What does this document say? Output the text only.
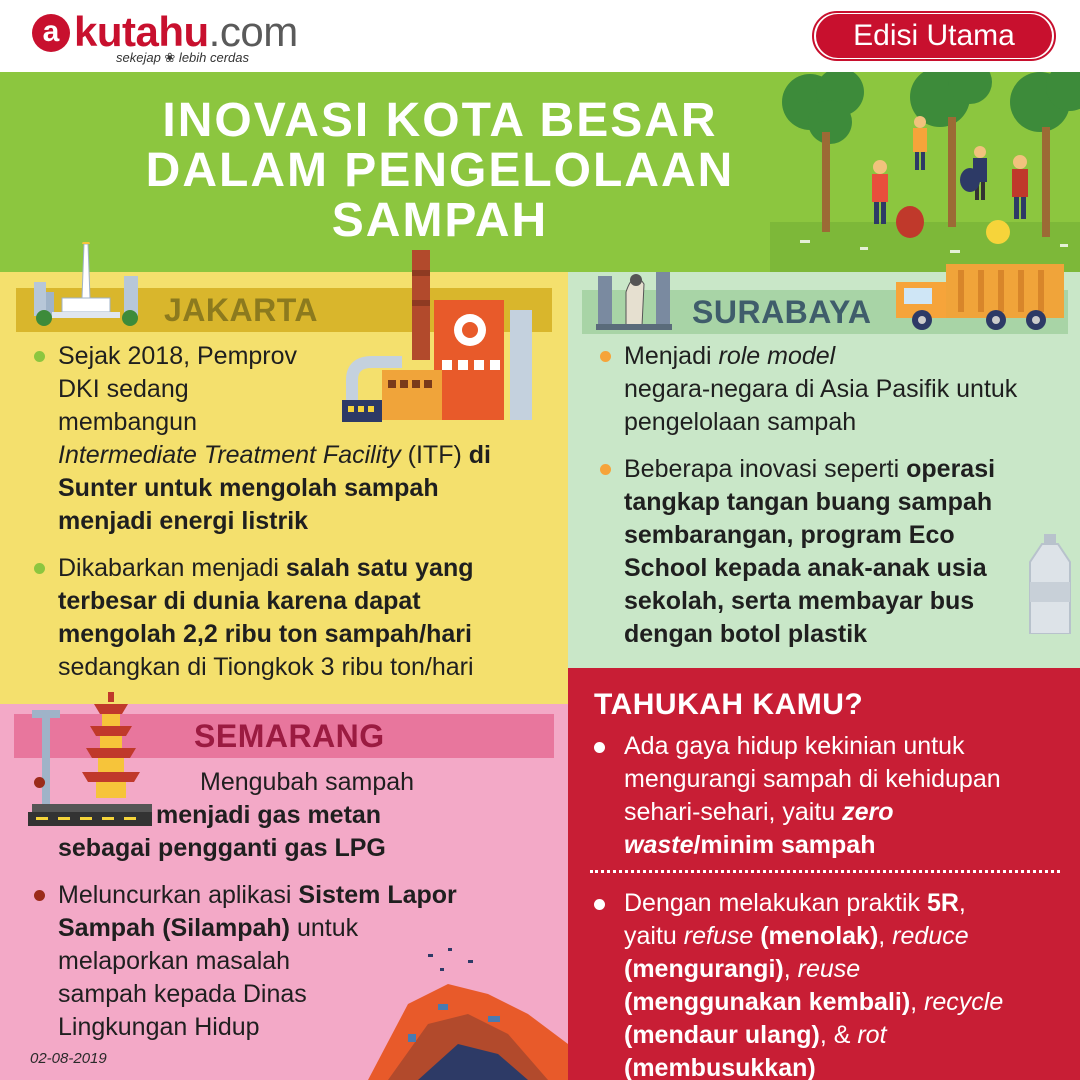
a kutahu.com
sekejap ❀ lebih cerdas
Edisi Utama
INOVASI KOTA BESAR
DALAM PENGELOLAAN
SAMPAH
JAKARTA
Sejak 2018, Pemprov
DKI sedang
membangun
Intermediate Treatment Facility (ITF) di
Sunter untuk mengolah sampah
menjadi energi listrik
Dikabarkan menjadi salah satu yang
terbesar di dunia karena dapat
mengolah 2,2 ribu ton sampah/hari
sedangkan di Tiongkok 3 ribu ton/hari
SURABAYA
Menjadi role model
negara-negara di Asia Pasifik untuk
pengelolaan sampah
Beberapa inovasi seperti operasi
tangkap tangan buang sampah
sembarangan, program Eco
School kepada anak-anak usia
sekolah, serta membayar bus
dengan botol plastik
SEMARANG
Mengubah sampah
menjadi gas metan
sebagai pengganti gas LPG
Meluncurkan aplikasi Sistem Lapor
Sampah (Silampah) untuk
melaporkan masalah
sampah kepada Dinas
Lingkungan Hidup
02-08-2019
TAHUKAH KAMU?
Ada gaya hidup kekinian untuk
mengurangi sampah di kehidupan
sehari-sehari, yaitu zero
waste/minim sampah
Dengan melakukan praktik 5R,
yaitu refuse (menolak), reduce
(mengurangi), reuse
(menggunakan kembali), recycle
(mendaur ulang), & rot
(membusukkan)
